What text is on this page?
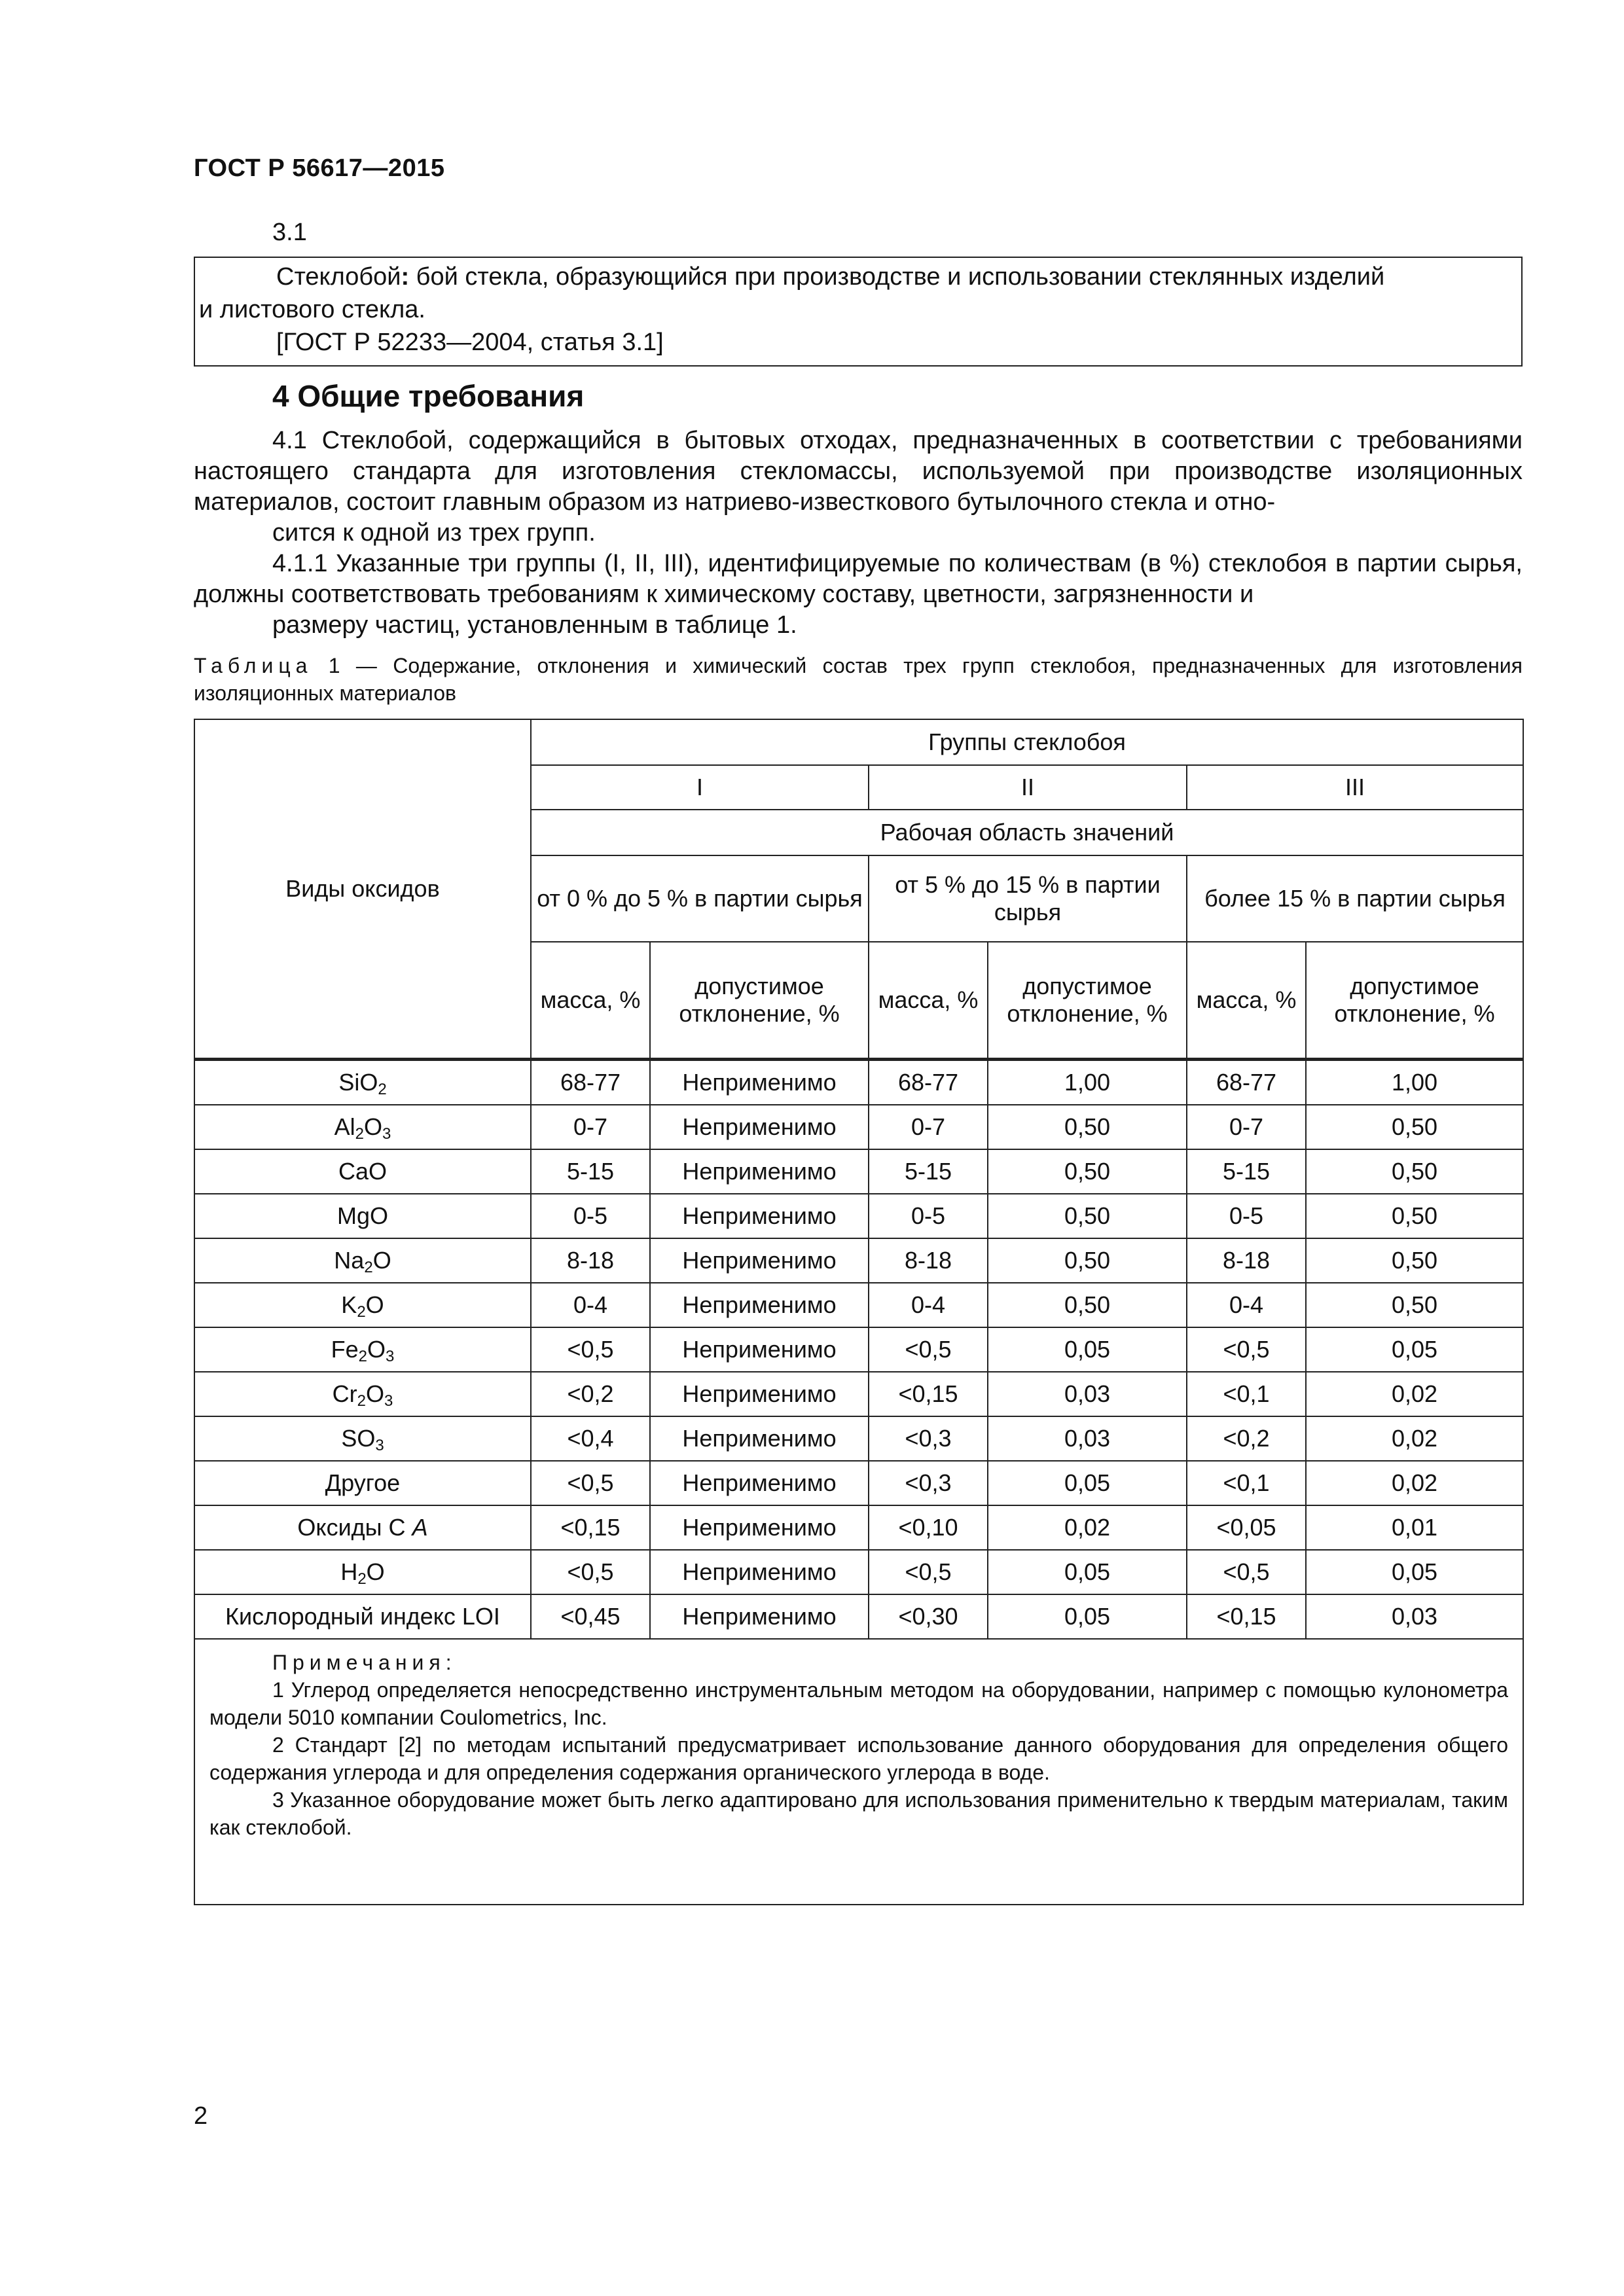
ГОСТ Р 56617—2015
3.1

Стеклобой: бой стекла, образующийся при производстве и использовании стеклянных изделий

и листового стекла.

[ГОСТ Р 52233—2004, статья 3.1]

4 Общие требования

4.1 Стеклобой, содержащийся в бытовых отходах, предназначенных в соответствии с требованиями настоящего стандарта для изготовления стекломассы, используемой при производстве изоляционных материалов, состоит главным образом из натриево-известкового бутылочного стекла и отно-
сится к одной из трех групп.

4.1.1 Указанные три группы (I, II, III), идентифицируемые по количествам (в %) стеклобоя в партии сырья, должны соответствовать требованиям к химическому составу, цветности, загрязненности и
размеру частиц, установленным в таблице 1.

Таблица 1 — Содержание, отклонения и химический состав трех групп стеклобоя, предназначенных для изготовления изоляционных материалов

Виды оксидов	Группы стеклобоя					
	I		II		III	
	Рабочая область значений					
	от 0 % до 5 % в партии сырья		от 5 % до 15 % в партии сырья		более 15 % в партии сырья	
	масса, %	допустимое отклонение, %	масса, %	допустимое отклонение, %	масса, %	допустимое отклонение, %
SiO$_2$	68-77	Неприменимо	68-77	1,00	68-77	1,00
$Al_2O_3$	0-7	Неприменимо	0-7	0,50	0-7	0,50
CaO	5-15	Неприменимо	5-15	0,50	5-15	0,50
MgO	0-5	Неприменимо	0-5	0,50	0-5	0,50
$Na_2O$	8-18	Неприменимо	8-18	0,50	8-18	0,50
$K_2O$	0-4	Неприменимо	0-4	0,50	0-4	0,50
$Fe_2O_3$	<0,5	Неприменимо	<0,5	0,05	<0,5	0,05
$Cr_2O_3$	<0,2	Неприменимо	<0,15	0,03	<0,1	0,02
$SO_3$	<0,4	Неприменимо	<0,3	0,03	<0,2	0,02
Другое	<0,5	Неприменимо	<0,3	0,05	<0,1	0,02
Оксиды С A	<0,15	Неприменимо	<0,10	0,02	<0,05	0,01
$H_2O$	<0,5	Неприменимо	<0,5	0,05	<0,5	0,05
Кислородный индекс LOI	<0,45	Неприменимо	<0,30	0,05	<0,15	0,03

Примечания:

1 Углерод определяется непосредственно инструментальным методом на оборудовании, например с помощью кулонометра модели 5010 компании Coulometrics, Inc.

2 Стандарт [2] по методам испытаний предусматривает использование данного оборудования для определения общего содержания углерода и для определения содержания органического углерода в воде.

3 Указанное оборудование может быть легко адаптировано для использования применительно к твердым материалам, таким как стеклобой.						

2
